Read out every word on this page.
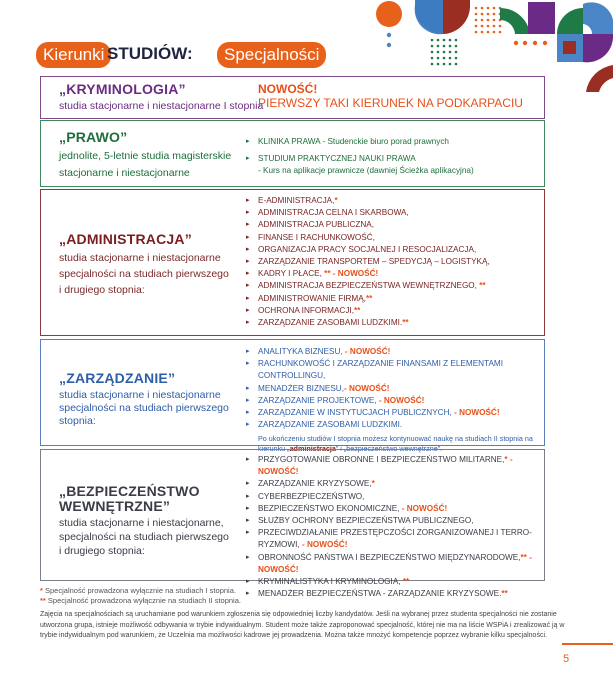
Kierunki STUDIÓW:	Specjalności
„KRYMINOLOGIA”
studia stacjonarne i niestacjonarne I stopnia
NOWOŚĆ!
PIERWSZY TAKI KIERUNEK NA PODKARPACIU
„PRAWO”
jednolite, 5-letnie studia magisterskie
stacjonarne i niestacjonarne
▸ KLINIKA PRAWA - Studenckie biuro porad prawnych
▸ STUDIUM PRAKTYCZNEJ NAUKI PRAWA
- Kurs na aplikacje prawnicze (dawniej Ścieżka aplikacyjna)
„ADMINISTRACJA”
studia stacjonarne i niestacjonarne
specjalności na studiach pierwszego
i drugiego stopnia:
▸ E-ADMINISTRACJA,*
▸ ADMINISTRACJA CELNA I SKARBOWA,
▸ ADMINISTRACJA PUBLICZNA,
▸ FINANSE I RACHUNKOWOŚĆ,
▸ ORGANIZACJA PRACY SOCJALNEJ I RESOCJALIZACJA,
▸ ZARZĄDZANIE TRANSPORTEM – SPEDYCJĄ – LOGISTYKĄ,
▸ KADRY I PŁACE, ** - NOWOŚĆ!
▸ ADMINISTRACJA BEZPIECZEŃSTWA WEWNĘTRZNEGO, **
▸ ADMINISTROWANIE FIRMĄ,**
▸ OCHRONA INFORMACJI,**
▸ ZARZĄDZANIE ZASOBAMI LUDZKIMI.**
„ZARZĄDZANIE”
studia stacjonarne i niestacjonarne
specjalności na studiach pierwszego
stopnia:
▸ ANALITYKA BIZNESU, - NOWOŚĆ!
▸ RACHUNKOWOŚĆ I ZARZĄDZANIE FINANSAMI Z ELEMENTAMI CONTROLLINGU,
▸ MENADŻER BIZNESU,- NOWOŚĆ!
▸ ZARZĄDZANIE PROJEKTOWE, - NOWOŚĆ!
▸ ZARZĄDZANIE W INSTYTUCJACH PUBLICZNYCH, - NOWOŚĆ!
▸ ZARZĄDZANIE ZASOBAMI LUDZKIMI.
Po ukończeniu studiów I stopnia możesz kontynuować naukę na studiach II stopnia na kierunku „administracja” i „bezpieczeństwo wewnętrzne”.
„BEZPIECZEŃSTWO
WEWNĘTRZNE”
studia stacjonarne i niestacjonarne,
specjalności na studiach pierwszego
i drugiego stopnia:
▸ PRZYGOTOWANIE OBRONNE I BEZPIECZEŃSTWO MILITARNE,* - NOWOŚĆ!
▸ ZARZĄDZANIE KRYZYSOWE,*
▸ CYBERBEZPIECZEŃSTWO,
▸ BEZPIECZEŃSTWO EKONOMICZNE, - NOWOŚĆ!
▸ SŁUŻBY OCHRONY BEZPIECZEŃSTWA PUBLICZNEGO,
▸ PRZECIWDZIAŁANIE PRZESTĘPCZOŚCI ZORGANIZOWANEJ I TERRO-RYZMOWI, - NOWOŚĆ!
▸ OBRONNOŚĆ PAŃSTWA I BEZPIECZEŃSTWO MIĘDZYNARODOWE,** - NOWOŚĆ!
▸ KRYMINALISTYKA I KRYMINOLOGIA, **
▸ MENADŻER BEZPIECZEŃSTWA - ZARZĄDZANIE KRYZYSOWE.**
* Specjalność prowadzona wyłącznie na studiach I stopnia.
** Specjalność prowadzona wyłącznie na studiach II stopnia.
Zajęcia na specjalnościach są uruchamiane pod warunkiem zgłoszenia się odpowiedniej liczby kandydatów. Jeśli na wybranej przez studenta specjalności nie zostanie utworzona grupa, istnieje możliwość odbywania w trybie indywidualnym. Student może także zaproponować specjalność, której nie ma na liście WSPiA i zrealizować ją w trybie indywidualnym pod warunkiem, że Uczelnia ma możliwości kadrowe jej prowadzenia. Można także mnożyć kompetencje poprzez wybranie kilku specjalności.
5
